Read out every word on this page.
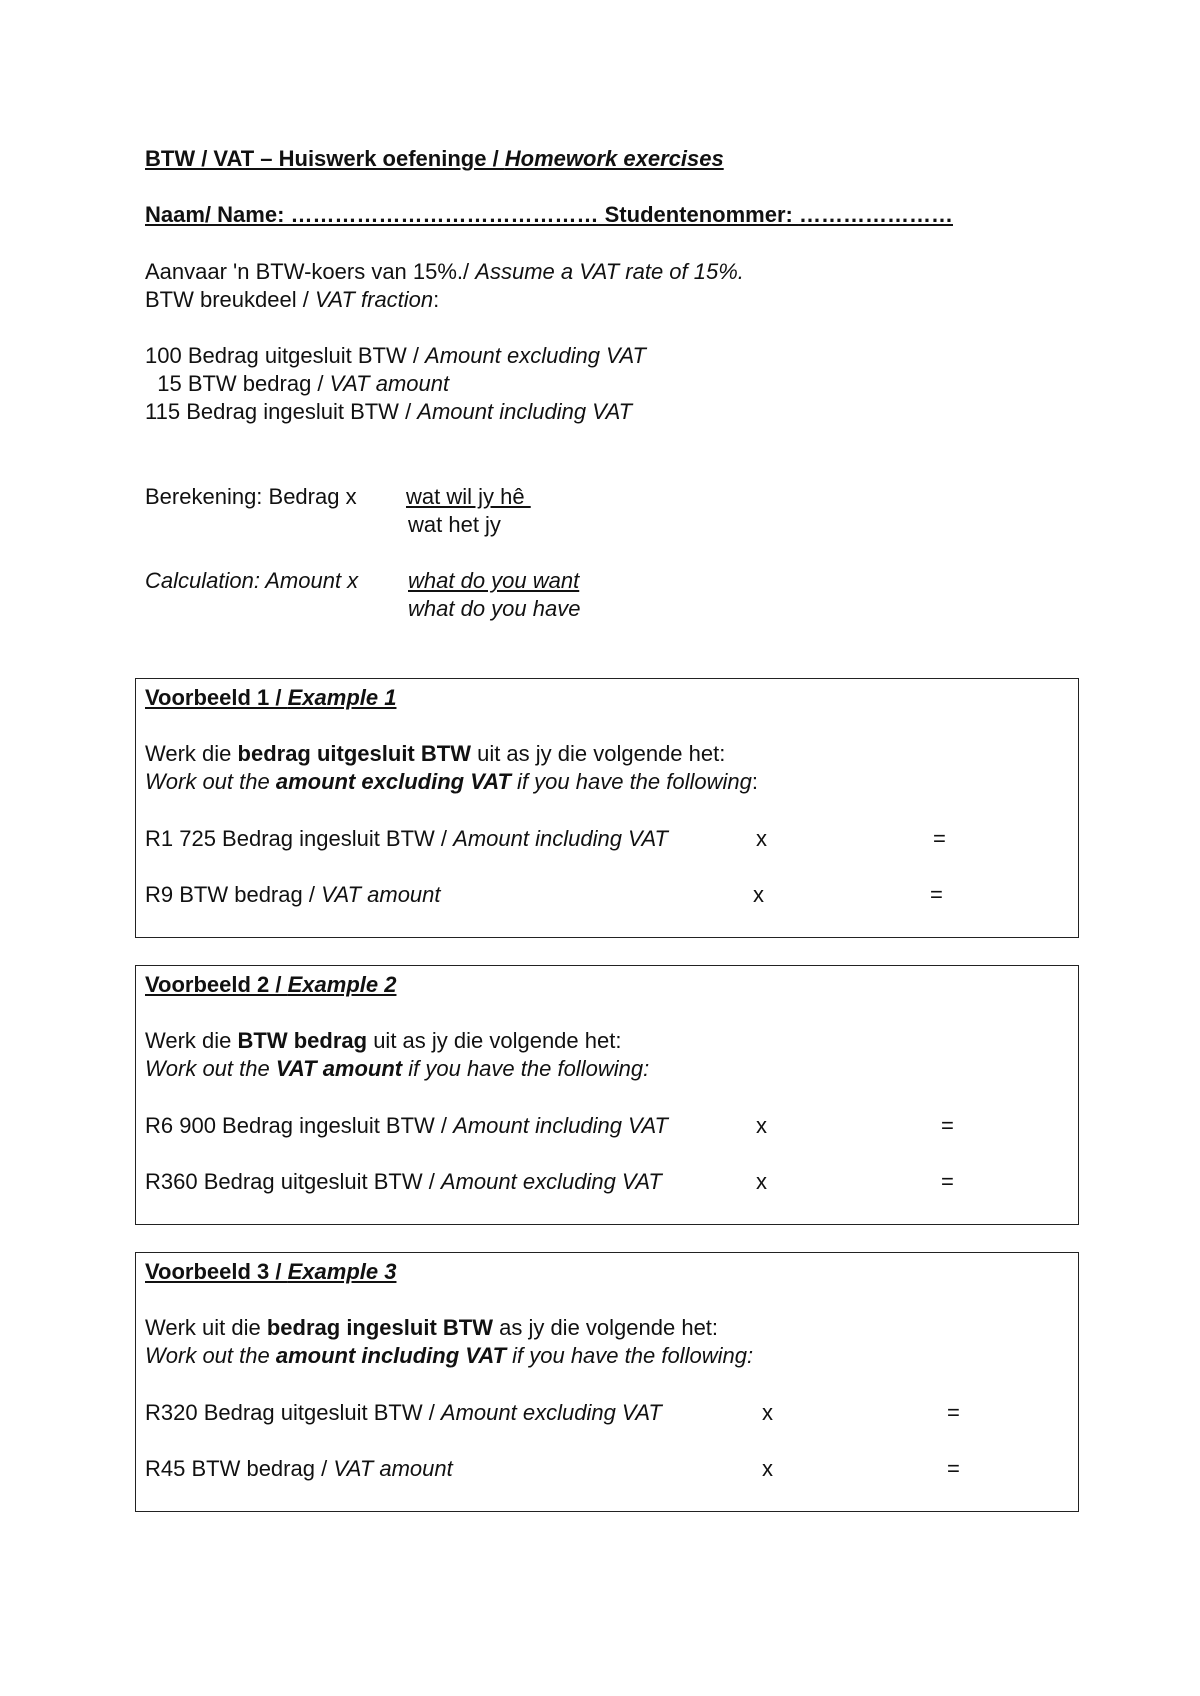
BTW / VAT – Huiswerk oefeninge / Homework exercises
Naam/ Name: …………………………………… Studentenommer: …………………
Aanvaar 'n BTW-koers van 15%./ Assume a VAT rate of 15%.
BTW breukdeel / VAT fraction:
100 Bedrag uitgesluit BTW / Amount excluding VAT
15 BTW bedrag / VAT amount
115 Bedrag ingesluit BTW / Amount including VAT
Berekening: Bedrag x wat wil jy hê
wat het jy
Calculation: Amount x what do you want
what do you have
Voorbeeld 1 / Example 1
Werk die bedrag uitgesluit BTW uit as jy die volgende het:
Work out the amount excluding VAT if you have the following:
R1 725 Bedrag ingesluit BTW / Amount including VAT	x	=
R9 BTW bedrag / VAT amount	x	=
Voorbeeld 2 / Example 2
Werk die BTW bedrag uit as jy die volgende het:
Work out the VAT amount if you have the following:
R6 900 Bedrag ingesluit BTW / Amount including VAT	x	=
R360 Bedrag uitgesluit BTW / Amount excluding VAT	x	=
Voorbeeld 3 / Example 3
Werk uit die bedrag ingesluit BTW as jy die volgende het:
Work out the amount including VAT if you have the following:
R320 Bedrag uitgesluit BTW / Amount excluding VAT	x	=
R45 BTW bedrag / VAT amount	x	=
